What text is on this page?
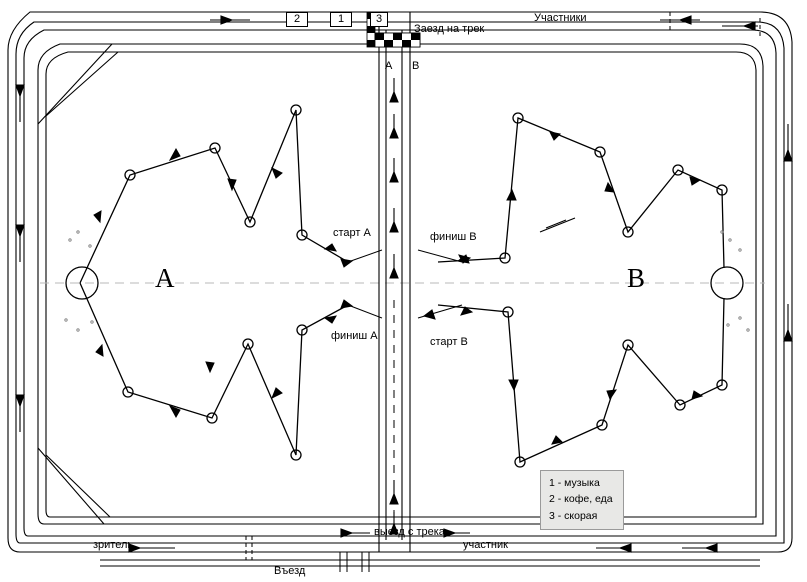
2	1	3
Заезд на трек
Участники
A B
A	B
старт А
финиш А
финиш В
старт В
зритель
выезд с трека
участник
Въезд
1 - музыка
2 - кофе, еда
3 - скорая
